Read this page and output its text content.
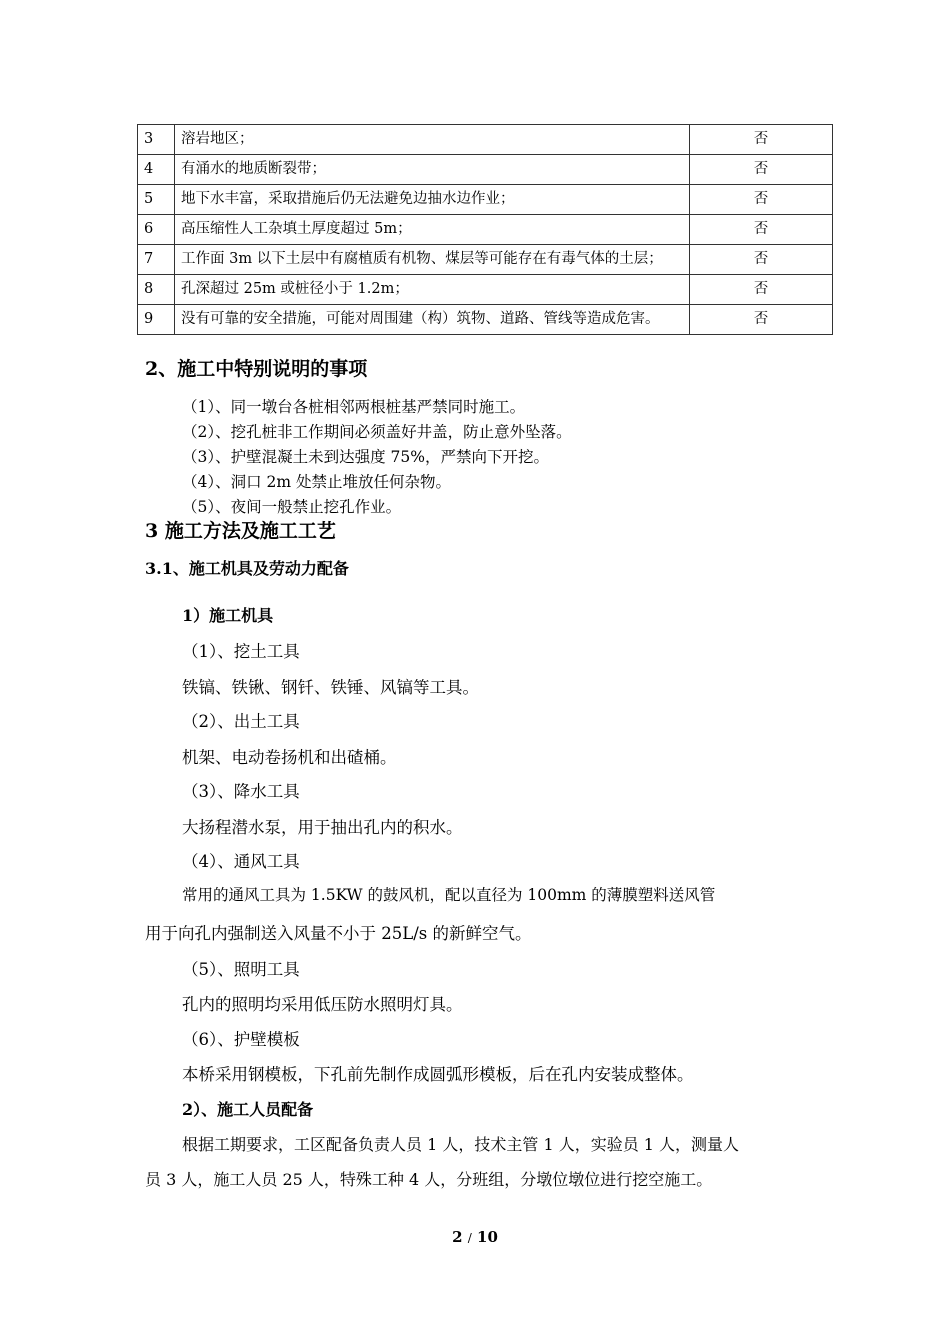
3	溶岩地区；	否
4	有涌水的地质断裂带；	否
5	地下水丰富，采取措施后仍无法避免边抽水边作业；	否
6	高压缩性人工杂填土厚度超过 5m；	否
7	工作面 3m 以下土层中有腐植质有机物、煤层等可能存在有毒气体的土层；	否
8	孔深超过 25m 或桩径小于 1.2m；	否
9	没有可靠的安全措施，可能对周围建（构）筑物、道路、管线等造成危害。	否
2、施工中特别说明的事项
（1）、同一墩台各桩相邻两根桩基严禁同时施工。
（2）、挖孔桩非工作期间必须盖好井盖，防止意外坠落。
（3）、护壁混凝土未到达强度 75%，严禁向下开挖。
（4）、洞口 2m 处禁止堆放任何杂物。
（5）、夜间一般禁止挖孔作业。
3 施工方法及施工工艺
3.1、施工机具及劳动力配备
1）施工机具
（1）、挖土工具
铁镐、铁锹、钢钎、铁锤、风镐等工具。
（2）、出土工具
机架、电动卷扬机和出碴桶。
（3）、降水工具
大扬程潜水泵，用于抽出孔内的积水。
（4）、通风工具
常用的通风工具为 1.5KW 的鼓风机，配以直径为 100mm 的薄膜塑料送风管
用于向孔内强制送入风量不小于 25L/s 的新鲜空气。
（5）、照明工具
孔内的照明均采用低压防水照明灯具。
（6）、护壁模板
本桥采用钢模板，下孔前先制作成圆弧形模板，后在孔内安装成整体。
2）、施工人员配备
根据工期要求，工区配备负责人员 1 人，技术主管 1 人，实验员 1 人，测量人
员 3 人，施工人员 25 人，特殊工种 4 人，分班组，分墩位墩位进行挖空施工。
2 / 10
